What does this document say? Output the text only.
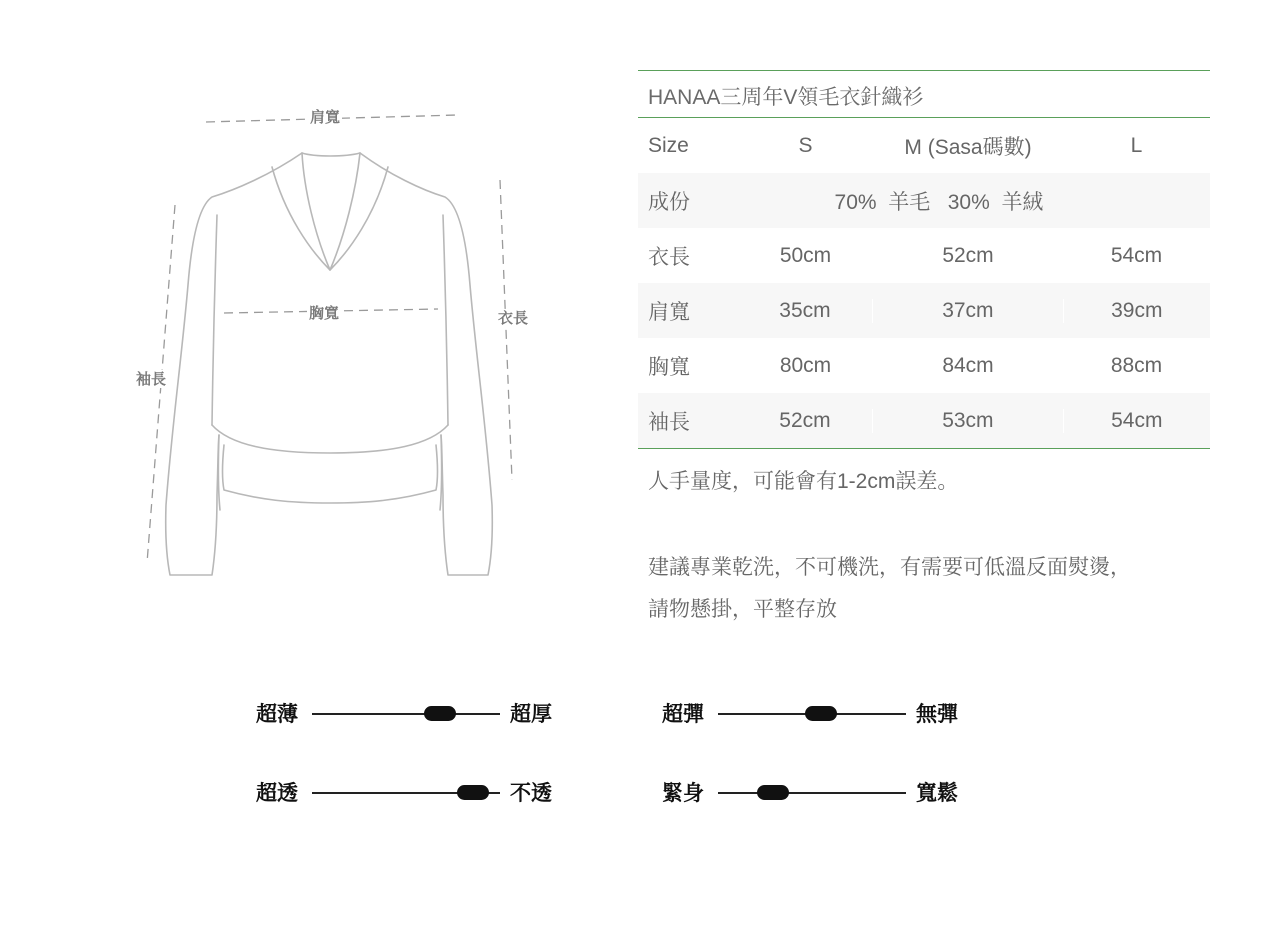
肩寬
胸寬	衣長
袖長
HANAA三周年V領毛衣針織衫
Size	S	M (Sasa碼數)	L
成份	70%  羊毛   30%  羊絨
衣長	50cm	52cm	54cm
肩寬	35cm	37cm	39cm
胸寬	80cm	84cm	88cm
袖長	52cm	53cm	54cm
人手量度，可能會有1-2cm誤差。
建議專業乾洗，不可機洗，有需要可低溫反面熨燙，
請物懸掛，平整存放
超薄	超厚
超透	不透
超彈	無彈
緊身	寬鬆
